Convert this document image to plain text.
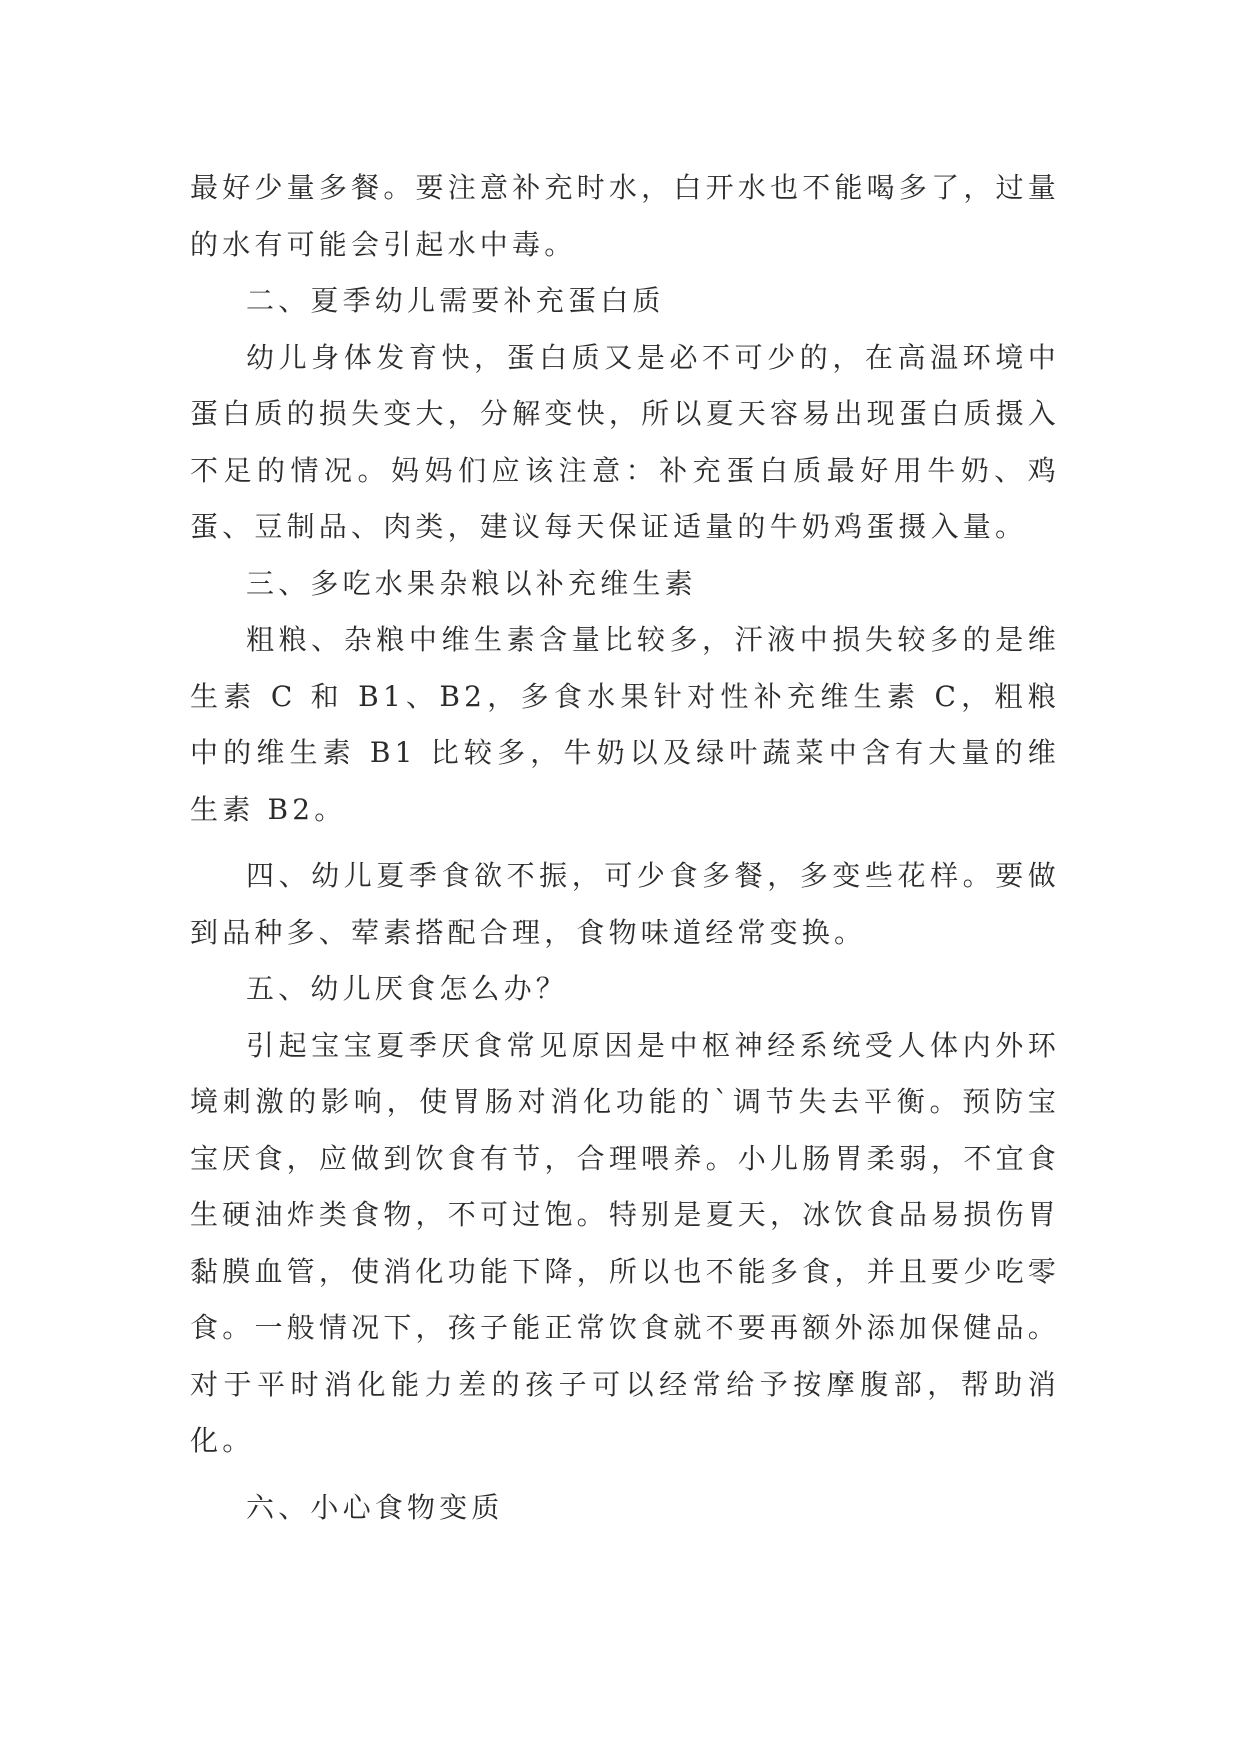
最好少量多餐。要注意补充时水，白开水也不能喝多了，过量的水有可能会引起水中毒。

二、夏季幼儿需要补充蛋白质

幼儿身体发育快，蛋白质又是必不可少的，在高温环境中蛋白质的损失变大，分解变快，所以夏天容易出现蛋白质摄入不足的情况。妈妈们应该注意：补充蛋白质最好用牛奶、鸡蛋、豆制品、肉类，建议每天保证适量的牛奶鸡蛋摄入量。

三、多吃水果杂粮以补充维生素

粗粮、杂粮中维生素含量比较多，汗液中损失较多的是维生素 C 和 B1、B2，多食水果针对性补充维生素 C，粗粮中的维生素 B1 比较多，牛奶以及绿叶蔬菜中含有大量的维生素 B2。

四、幼儿夏季食欲不振，可少食多餐，多变些花样。要做到品种多、荤素搭配合理，食物味道经常变换。

五、幼儿厌食怎么办？

引起宝宝夏季厌食常见原因是中枢神经系统受人体内外环境刺激的影响，使胃肠对消化功能的`调节失去平衡。预防宝宝厌食，应做到饮食有节，合理喂养。小儿肠胃柔弱，不宜食生硬油炸类食物，不可过饱。特别是夏天，冰饮食品易损伤胃黏膜血管，使消化功能下降，所以也不能多食，并且要少吃零食。一般情况下，孩子能正常饮食就不要再额外添加保健品。对于平时消化能力差的孩子可以经常给予按摩腹部，帮助消化。

六、小心食物变质
